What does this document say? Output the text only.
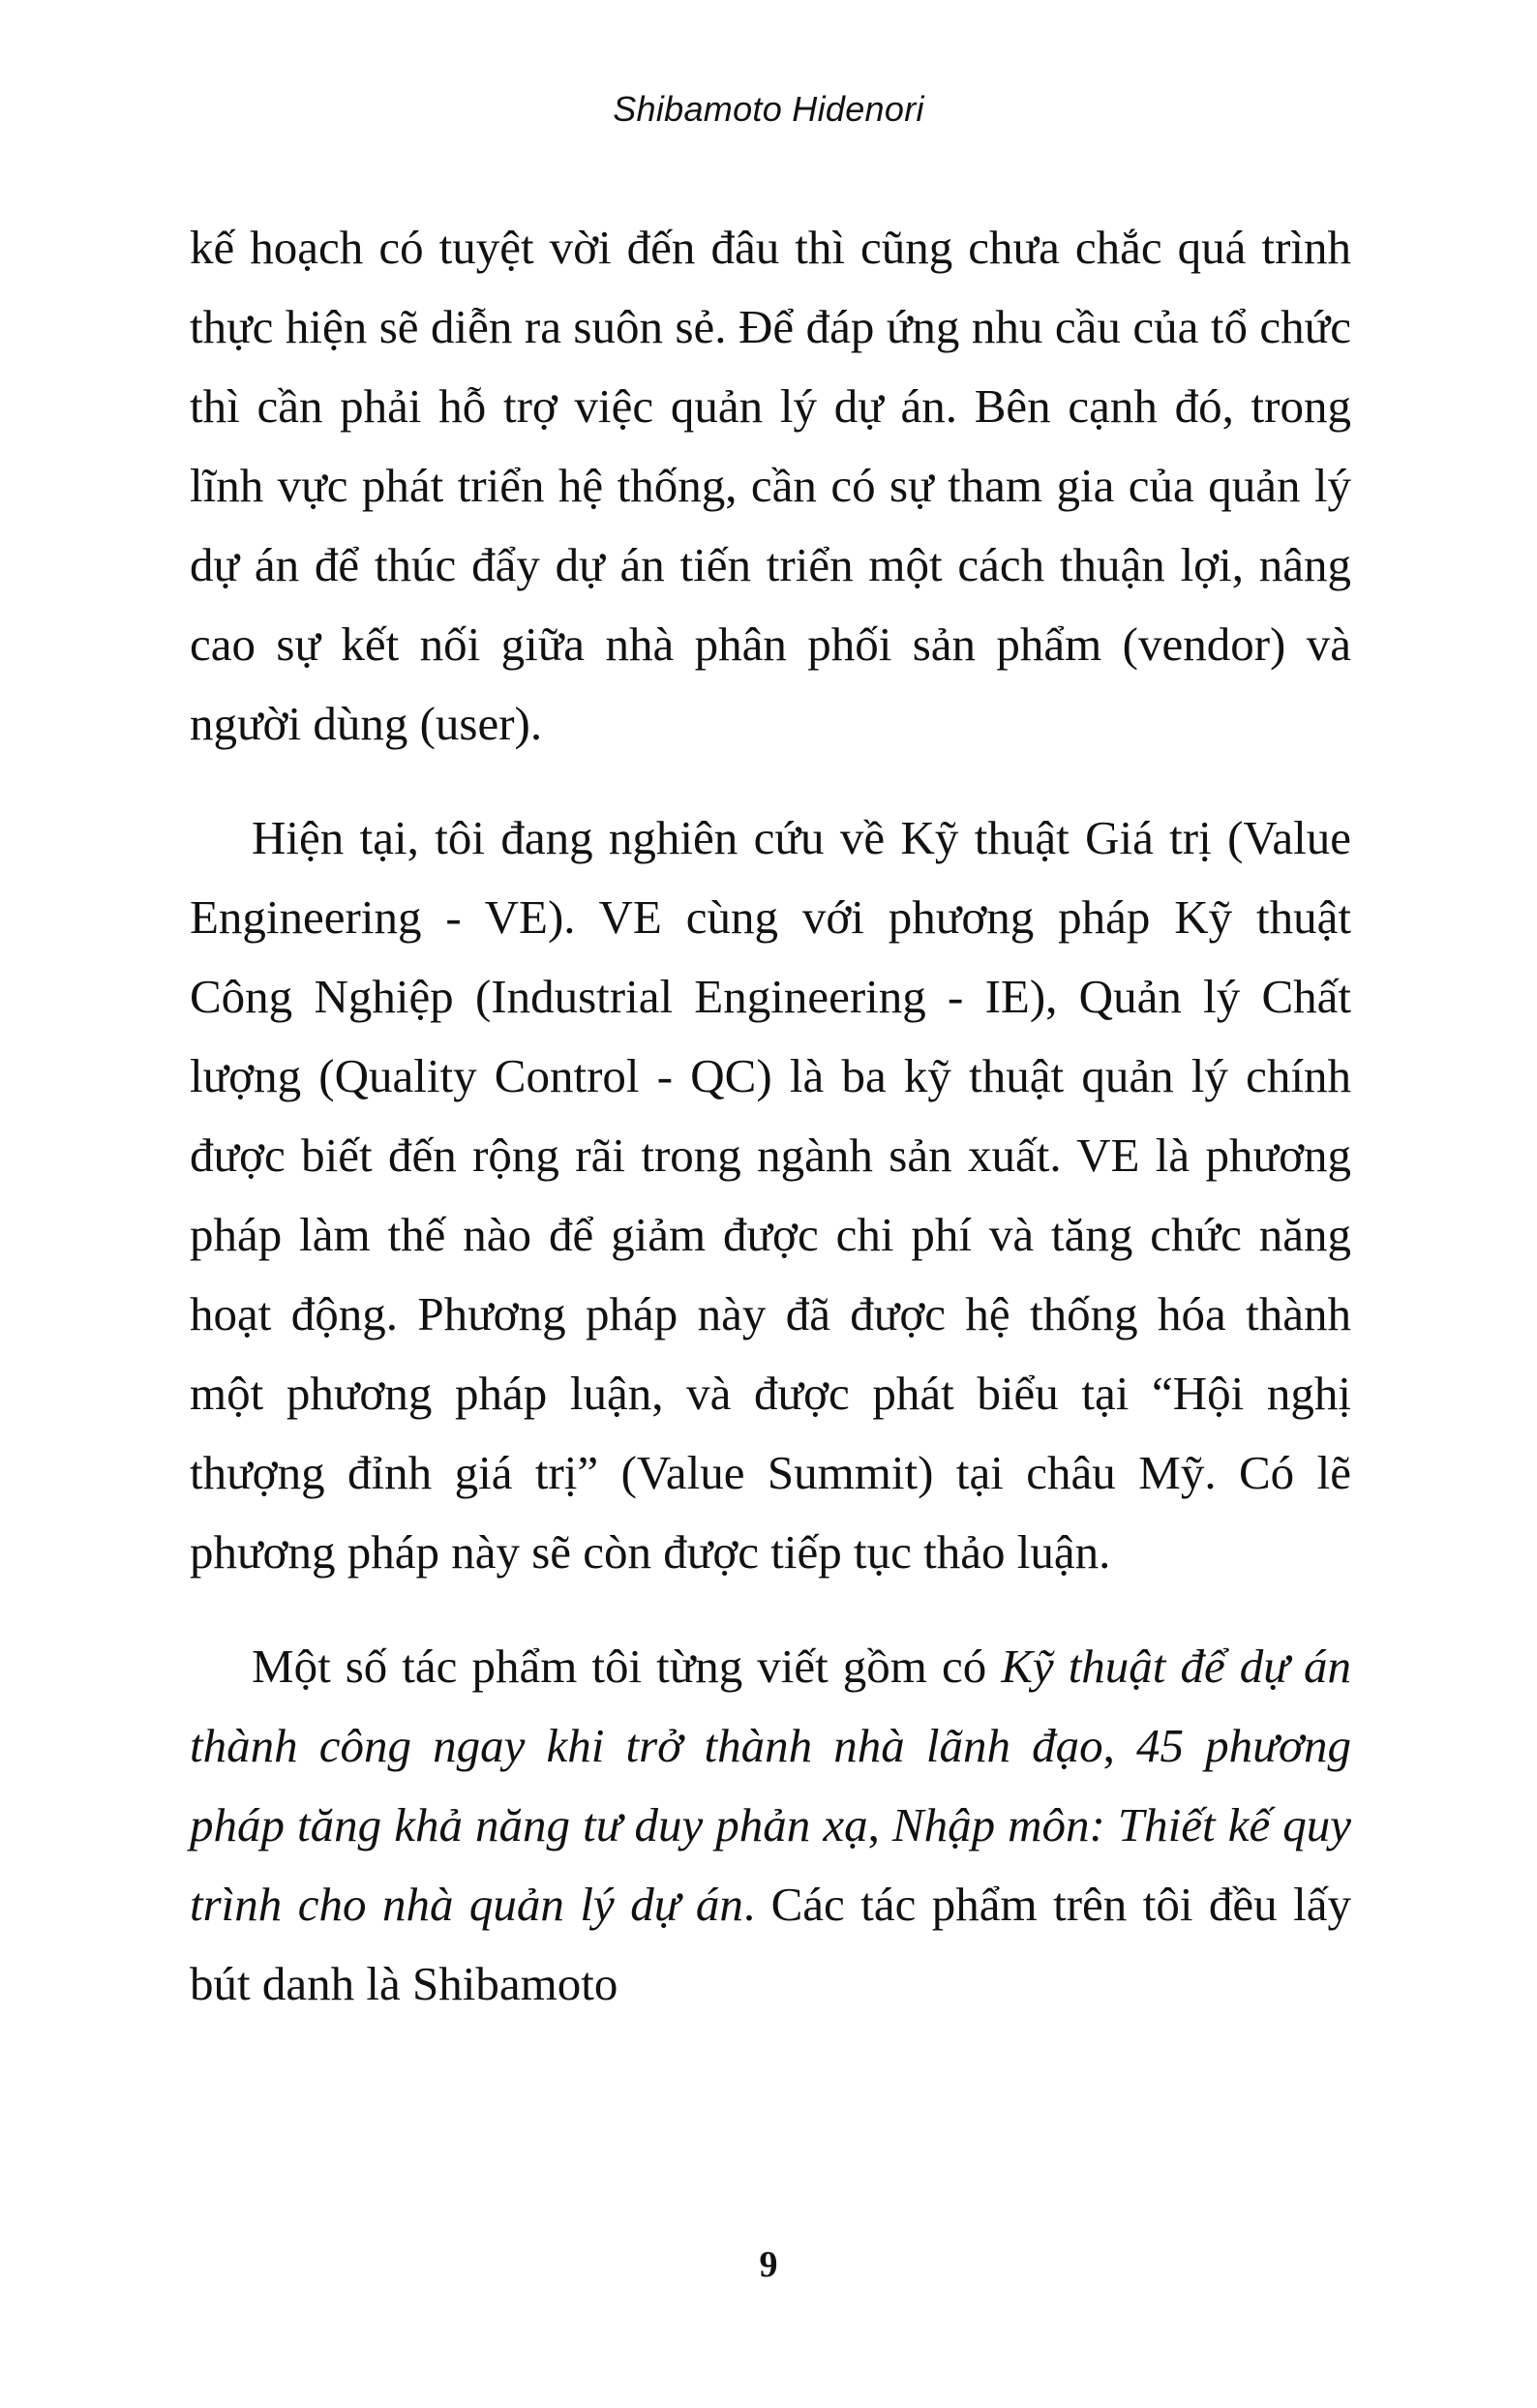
Shibamoto Hidenori

kế hoạch có tuyệt vời đến đâu thì cũng chưa chắc quá trình thực hiện sẽ diễn ra suôn sẻ. Để đáp ứng nhu cầu của tổ chức thì cần phải hỗ trợ việc quản lý dự án. Bên cạnh đó, trong lĩnh vực phát triển hệ thống, cần có sự tham gia của quản lý dự án để thúc đẩy dự án tiến triển một cách thuận lợi, nâng cao sự kết nối giữa nhà phân phối sản phẩm (vendor) và người dùng (user).

Hiện tại, tôi đang nghiên cứu về Kỹ thuật Giá trị (Value Engineering - VE). VE cùng với phương pháp Kỹ thuật Công Nghiệp (Industrial Engineering - IE), Quản lý Chất lượng (Quality Control - QC) là ba kỹ thuật quản lý chính được biết đến rộng rãi trong ngành sản xuất. VE là phương pháp làm thế nào để giảm được chi phí và tăng chức năng hoạt động. Phương pháp này đã được hệ thống hóa thành một phương pháp luận, và được phát biểu tại “Hội nghị thượng đỉnh giá trị” (Value Summit) tại châu Mỹ. Có lẽ phương pháp này sẽ còn được tiếp tục thảo luận.

Một số tác phẩm tôi từng viết gồm có Kỹ thuật để dự án thành công ngay khi trở thành nhà lãnh đạo, 45 phương pháp tăng khả năng tư duy phản xạ, Nhập môn: Thiết kế quy trình cho nhà quản lý dự án. Các tác phẩm trên tôi đều lấy bút danh là Shibamoto

9
